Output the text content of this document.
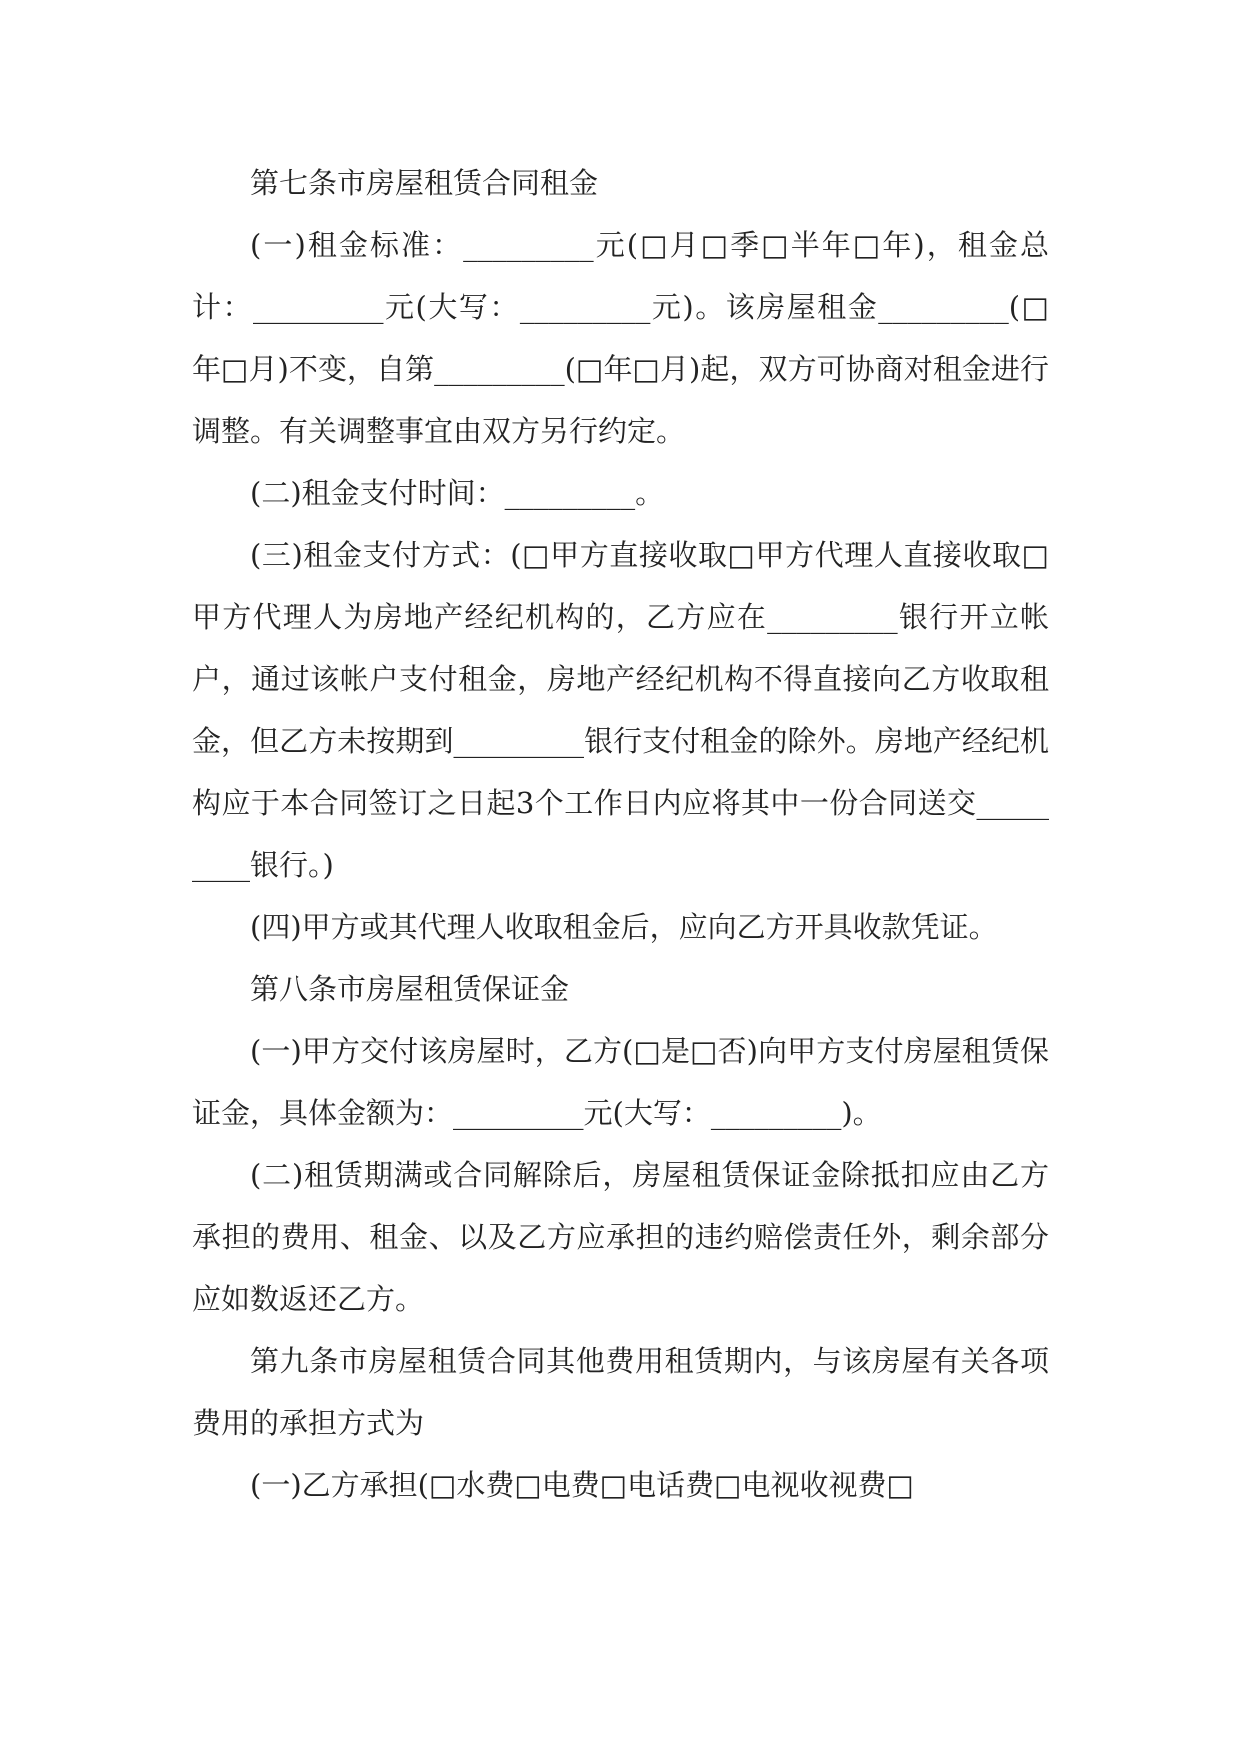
第七条市房屋租赁合同租金

(一)租金标准：_________元(□月□季□半年□年)，租金总计：_________元(大写：_________元)。该房屋租金_________(□年□月)不变，自第_________(□年□月)起，双方可协商对租金进行调整。有关调整事宜由双方另行约定。

(二)租金支付时间：_________。

(三)租金支付方式：(□甲方直接收取□甲方代理人直接收取□甲方代理人为房地产经纪机构的，乙方应在_________银行开立帐户，通过该帐户支付租金，房地产经纪机构不得直接向乙方收取租金，但乙方未按期到_________银行支付租金的除外。房地产经纪机构应于本合同签订之日起3个工作日内应将其中一份合同送交_________银行。)

(四)甲方或其代理人收取租金后，应向乙方开具收款凭证。

第八条市房屋租赁保证金

(一)甲方交付该房屋时，乙方(□是□否)向甲方支付房屋租赁保证金，具体金额为：_________元(大写：_________)。

(二)租赁期满或合同解除后，房屋租赁保证金除抵扣应由乙方承担的费用、租金、以及乙方应承担的违约赔偿责任外，剩余部分应如数返还乙方。

第九条市房屋租赁合同其他费用租赁期内，与该房屋有关各项费用的承担方式为

(一)乙方承担(□水费□电费□电话费□电视收视费□
